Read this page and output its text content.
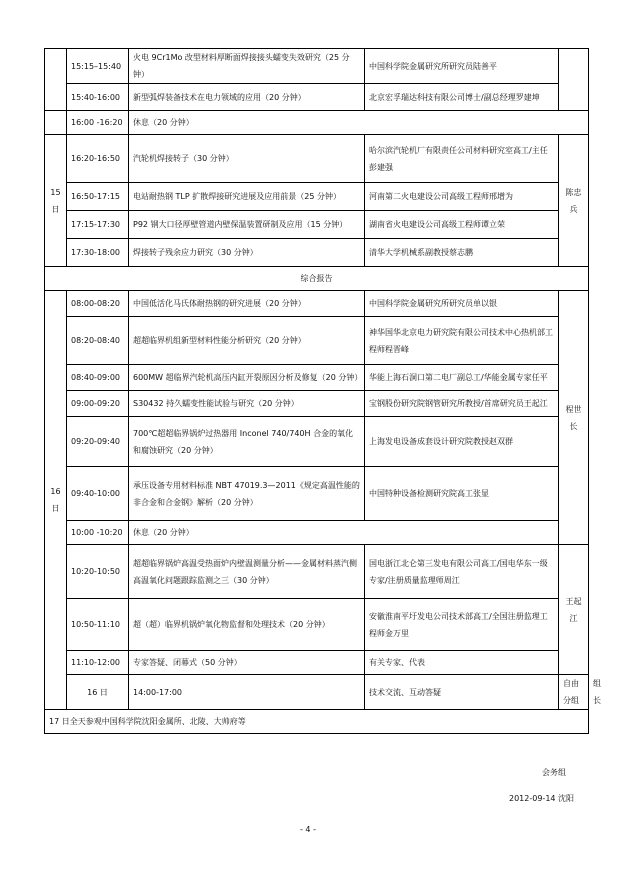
	15:15–15:40	火电 9Cr1Mo 改型材料厚断面焊接接头蠕变失效研究（25 分钟）	中国科学院金属研究所研究员陆善平		
	15:40-16:00	新型弧焊装备技术在电力领域的应用（20 分钟）	北京宏孚瑞达科技有限公司博士/副总经理罗建坤		
	16:00 -16:20	休息（20 分钟）			
15 日	16:20-16:50	汽轮机焊接转子（30 分钟）	哈尔滨汽轮机厂有限责任公司材料研究室高工/主任彭建强	陈忠兵	
	16:50-17:15	电站耐热钢 TLP 扩散焊接研究进展及应用前景（25 分钟）	河南第二火电建设公司高级工程师邢增为		
	17:15-17:30	P92 钢大口径厚壁管道内壁保温装置研制及应用（15 分钟）	湖南省火电建设公司高级工程师谭立荣		
	17:30-18:00	焊接转子残余应力研究（30 分钟）	清华大学机械系副教授蔡志鹏		
综合报告					
16 日	08:00-08:20	中国低活化马氏体耐热钢的研究进展（20 分钟）	中国科学院金属研究所研究员单以银	程世长	
	08:20-08:40	超超临界机组新型材料性能分析研究（20 分钟）	神华国华北京电力研究院有限公司技术中心热机部工程师程晋峰		
	08:40-09:00	600MW 超临界汽轮机高压内缸开裂原因分析及修复（20 分钟）	华能上海石洞口第二电厂副总工/华能金属专家任平		
	09:00-09:20	S30432 持久蠕变性能试验与研究（20 分钟）	宝钢股份研究院钢管研究所教授/首席研究员王起江		
	09:20-09:40	700℃超超临界锅炉过热器用 Inconel 740/740H 合金的氧化和腐蚀研究（20 分钟）	上海发电设备成套设计研究院教授赵双群		
	09:40-10:00	承压设备专用材料标准 NBT 47019.3—2011《规定高温性能的非合金和合金钢》解析（20 分钟）	中国特种设备检测研究院高工张显		
	10:00 -10:20	休息（20 分钟）			
	10:20-10:50	超超临界锅炉高温受热面炉内壁温测量分析——金属材料蒸汽侧高温氧化问题跟踪监测之三（30 分钟）	国电浙江北仑第三发电有限公司高工/国电华东一级专家/注册质量监理师周江	王起江	
	10:50-11:10	超（超）临界机锅炉氧化物监督和处理技术（20 分钟）	安徽淮南平圩发电公司技术部高工/全国注册监理工程师金万里		
	11:10-12:00	专家答疑、闭幕式（50 分钟）	有关专家、代表		
	16 日	14:00-17:00	技术交流、互动答疑	自由分组	组长
17 日全天参观中国科学院沈阳金属所、北陵、大帅府等					
会务组
2012-09-14 沈阳
- 4 -
